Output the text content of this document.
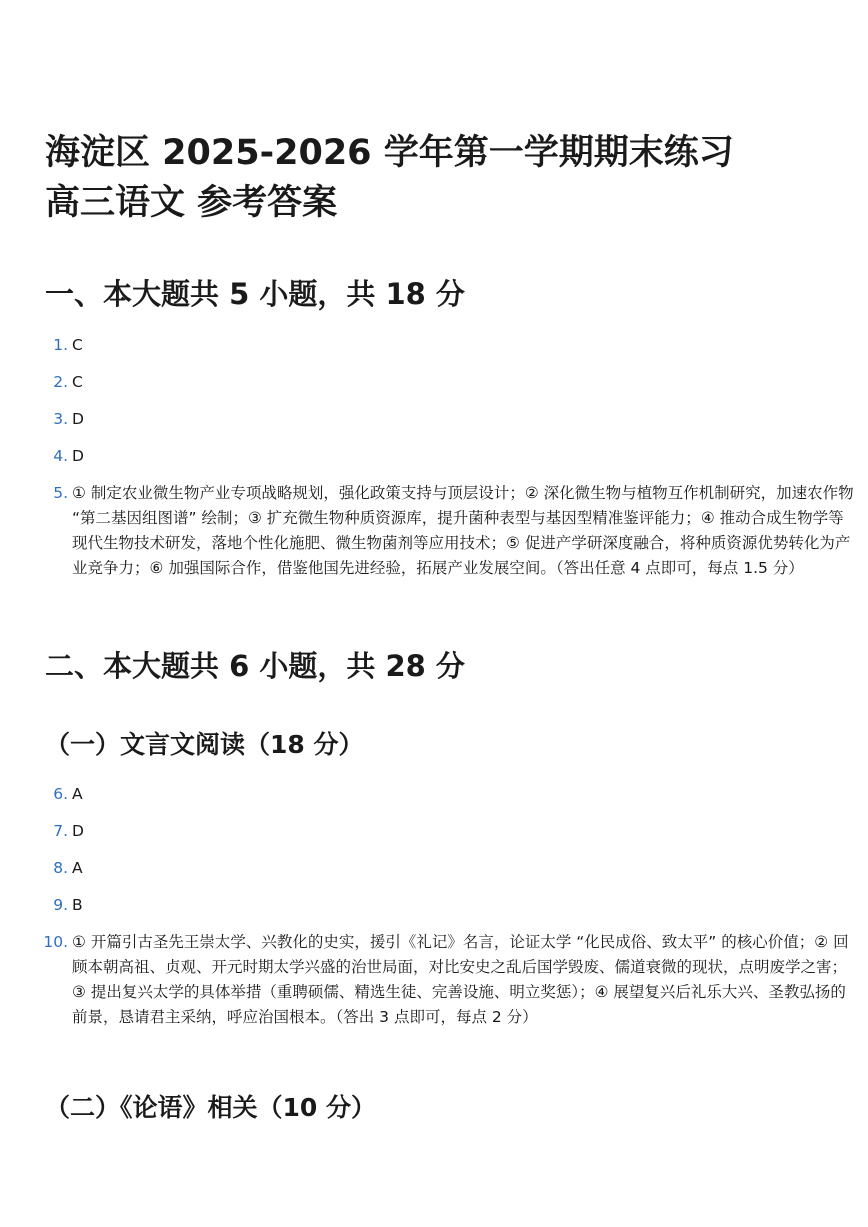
海淀区 2025-2026 学年第一学期期末练习
高三语文 参考答案
一、本大题共 5 小题，共 18 分
1. C
2. C
3. D
4. D
5. ① 制定农业微生物产业专项战略规划，强化政策支持与顶层设计；② 深化微生物与植物互作机制研究，加速农作物 “第二基因组图谱” 绘制；③ 扩充微生物种质资源库，提升菌种表型与基因型精准鉴评能力；④ 推动合成生物学等现代生物技术研发，落地个性化施肥、微生物菌剂等应用技术；⑤ 促进产学研深度融合，将种质资源优势转化为产业竞争力；⑥ 加强国际合作，借鉴他国先进经验，拓展产业发展空间。（答出任意 4 点即可，每点 1.5 分）
二、本大题共 6 小题，共 28 分
（一）文言文阅读（18 分）
6. A
7. D
8. A
9. B
10. ① 开篇引古圣先王崇太学、兴教化的史实，援引《礼记》名言，论证太学 “化民成俗、致太平” 的核心价值；② 回顾本朝高祖、贞观、开元时期太学兴盛的治世局面，对比安史之乱后国学毁废、儒道衰微的现状，点明废学之害；③ 提出复兴太学的具体举措（重聘硕儒、精选生徒、完善设施、明立奖惩）；④ 展望复兴后礼乐大兴、圣教弘扬的前景，恳请君主采纳，呼应治国根本。（答出 3 点即可，每点 2 分）
（二）《论语》相关（10 分）
